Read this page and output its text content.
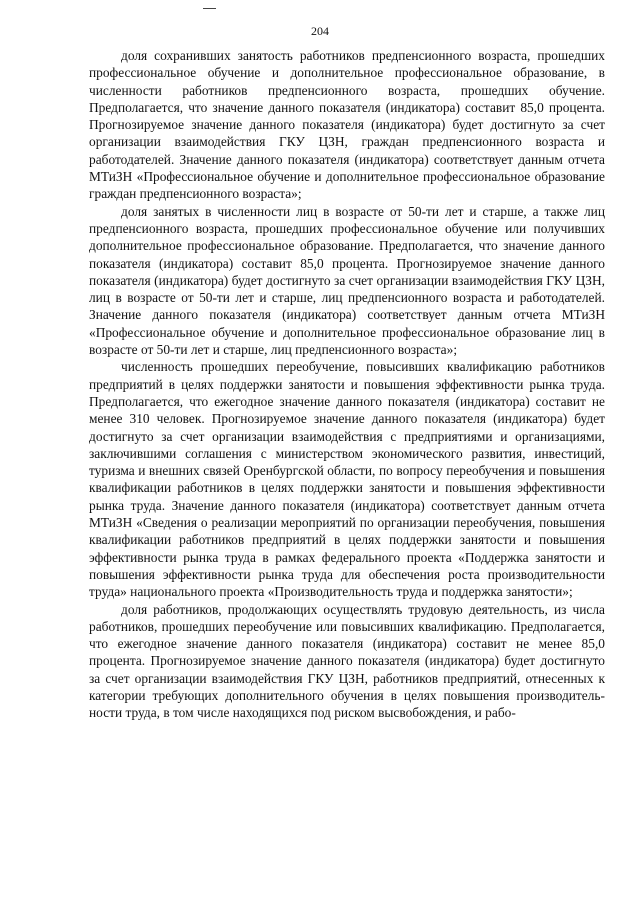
204

доля сохранивших занятость работников предпенсионного возраста, прошедших профессиональное обучение и дополнительное профессиональное образование, в численности работников предпенсионного возраста, прошедших обучение. Предполагается, что значение данного показателя (индикатора) составит 85,0 процента. Прогнозируемое значение данного показателя (индикатора) будет достигнуто за счет организации взаимодействия ГКУ ЦЗН, граждан предпенсионного возраста и работодателей. Значение данного показателя (индикатора) соответствует данным отчета МТиЗН «Профессиональное обучение и дополнительное профессиональное образование граждан предпенсионного возраста»;

доля занятых в численности лиц в возрасте от 50-ти лет и старше, а также лиц предпенсионного возраста, прошедших профессиональное обучение или получивших дополнительное профессиональное образование. Предполагается, что значение данного показателя (индикатора) составит 85,0 процента. Прогнозируемое значение данного показателя (индикатора) будет достигнуто за счет организации взаимодействия ГКУ ЦЗН, лиц в возрасте от 50-ти лет и старше, лиц предпенсионного возраста и работодателей. Значение данного показателя (индикатора) соответствует данным отчета МТиЗН «Профессиональное обучение и дополнительное профессиональное образование лиц в возрасте от 50-ти лет и старше, лиц предпенсионного возраста»;

численность прошедших переобучение, повысивших квалификацию работников предприятий в целях поддержки занятости и повышения эффективности рынка труда. Предполагается, что ежегодное значение данного показателя (индикатора) составит не менее 310 человек. Прогнозируемое значение данного показателя (индикатора) будет достигнуто за счет организации взаимодействия с предприятиями и организациями, заключившими соглашения с министерством экономического развития, инвестиций, туризма и внешних связей Оренбургской области, по вопросу переобучения и повышения квалификации работников в целях поддержки занятости и повышения эффективности рынка труда. Значение данного показателя (индикатора) соответствует данным отчета МТиЗН «Сведения о реализации мероприятий по организации переобучения, повышения квалификации работников предприятий в целях поддержки занятости и повышения эффективности рынка труда в рамках федерального проекта «Поддержка занятости и повышения эффективности рынка труда для обеспечения роста производительности труда» национального проекта «Производительность труда и поддержка занятости»;

доля работников, продолжающих осуществлять трудовую деятельность, из числа работников, прошедших переобучение или повысивших квалификацию. Предполагается, что ежегодное значение данного показателя (индикатора) составит не менее 85,0 процента. Прогнозируемое значение данного показателя (индикатора) будет достигнуто за счет организации взаимодействия ГКУ ЦЗН, работников предприятий, отнесенных к категории требующих дополнительного обучения в целях повышения производительности труда, в том числе находящихся под риском высвобождения, и рабо-
